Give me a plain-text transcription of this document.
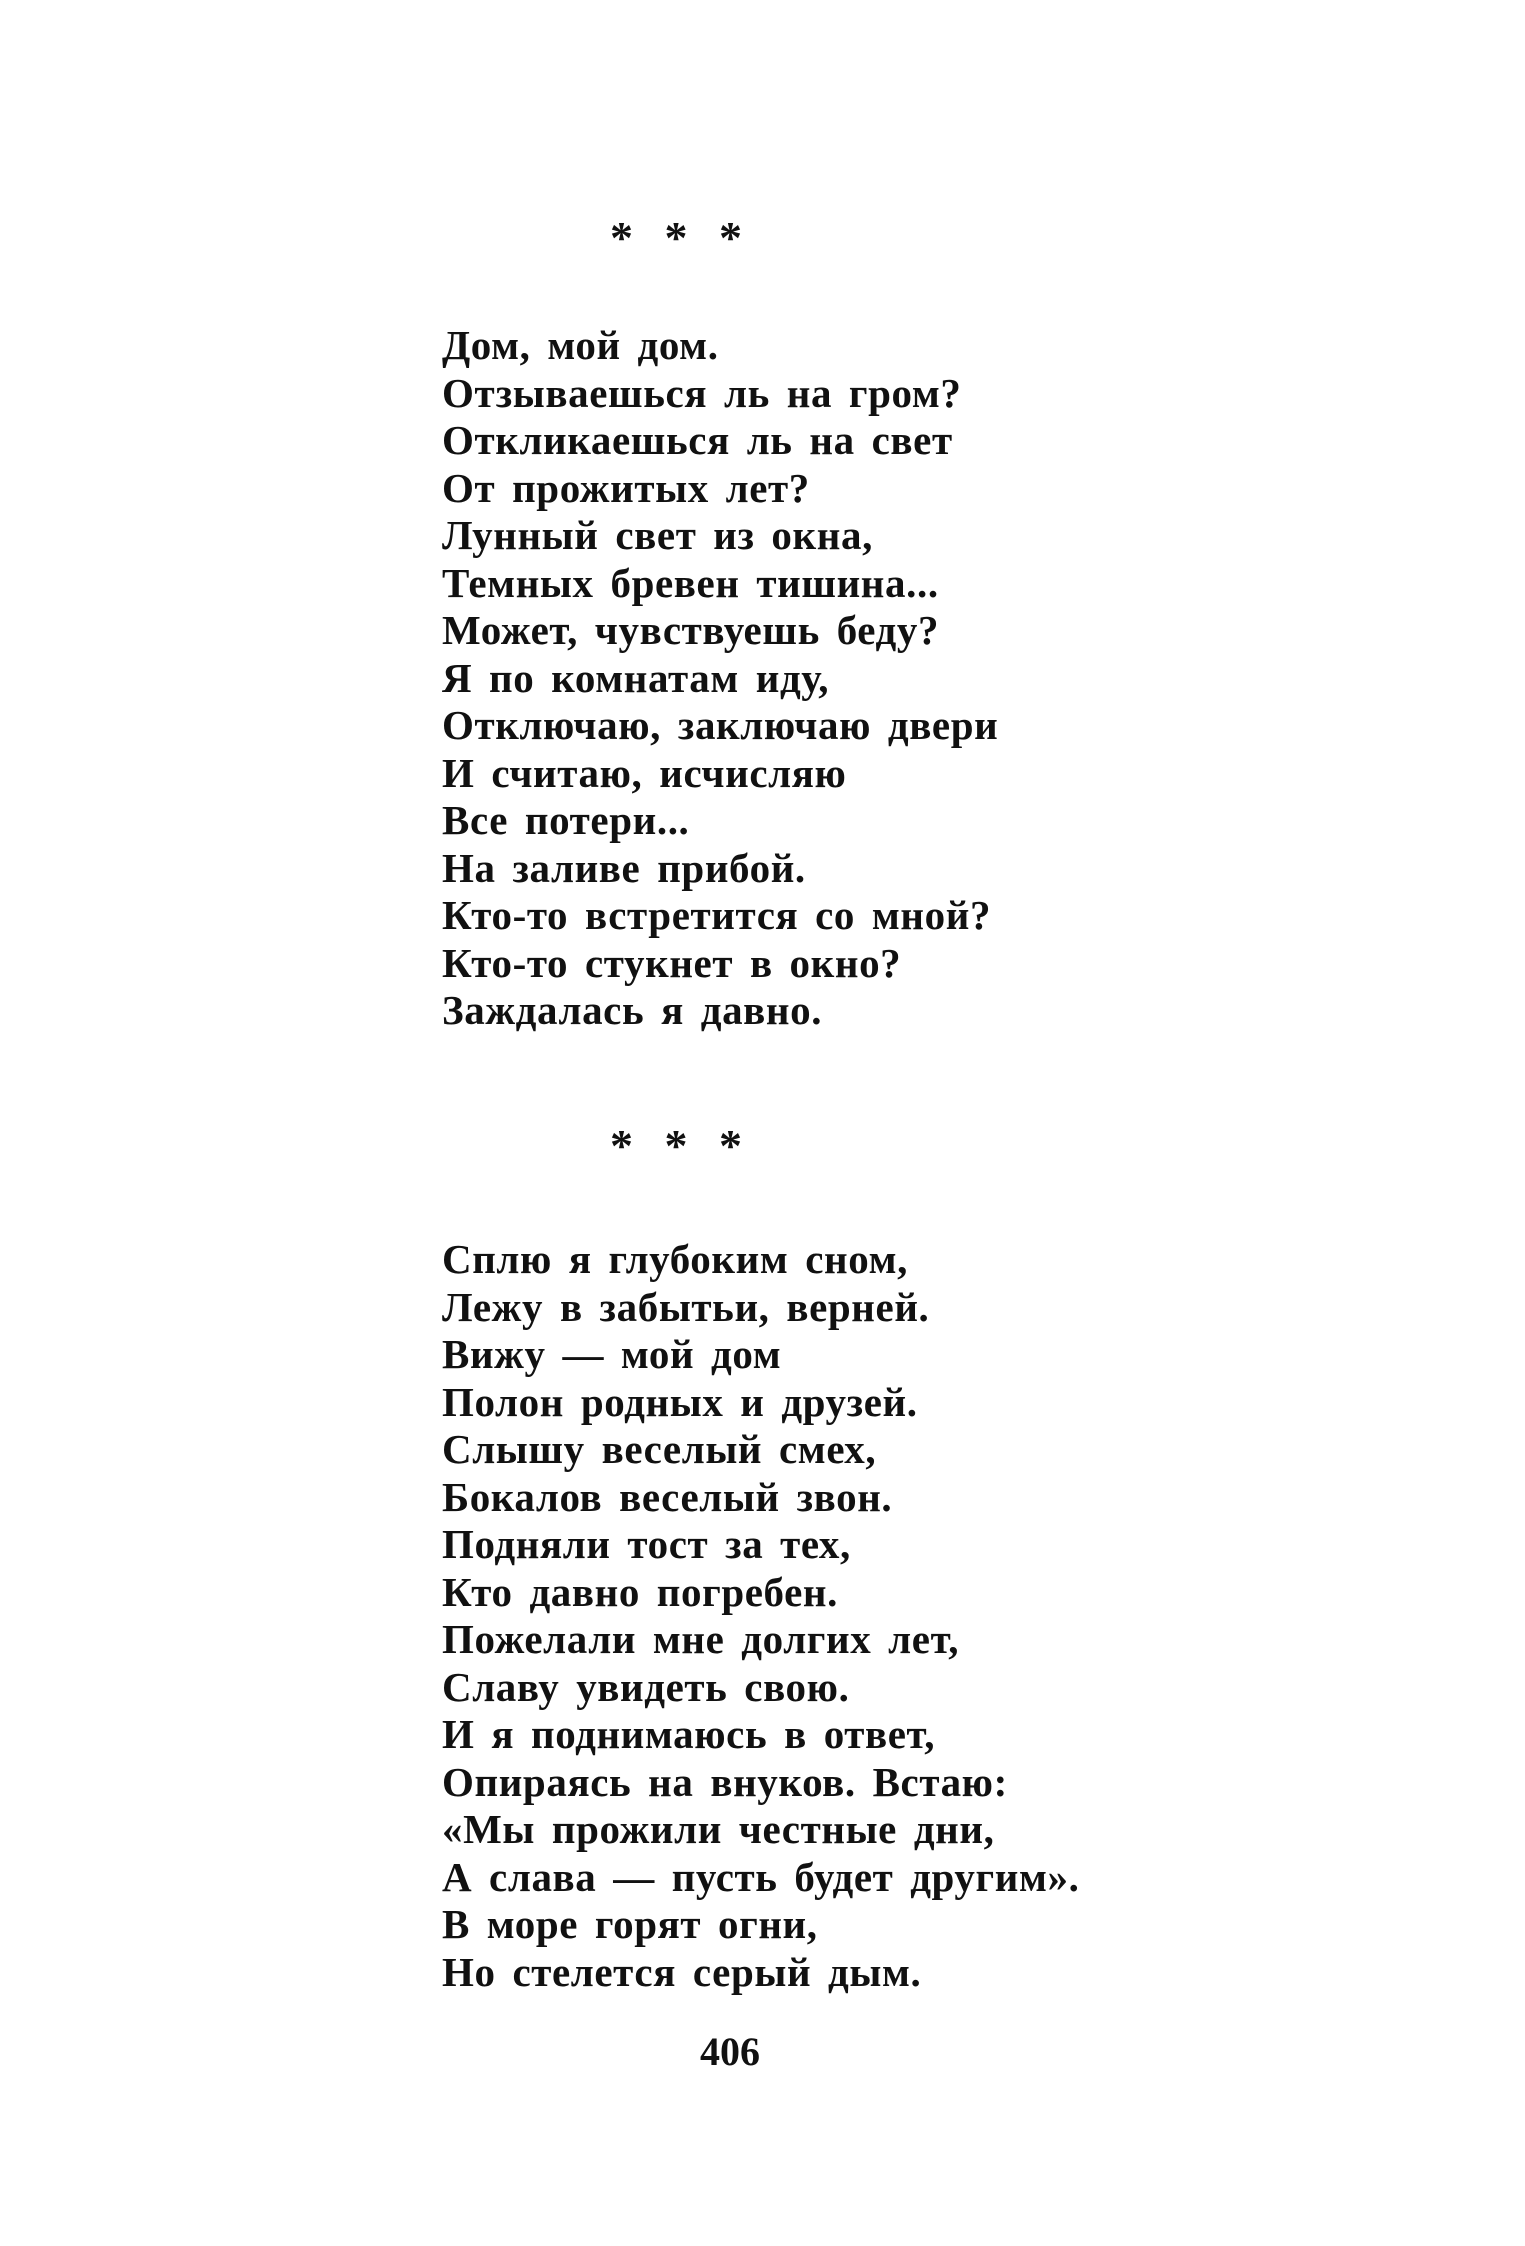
* * *
Дом, мой дом.
Отзываешься ль на гром?
Откликаешься ль на свет
От прожитых лет?
Лунный свет из окна,
Темных бревен тишина...
Может, чувствуешь беду?
Я по комнатам иду,
Отключаю, заключаю двери
И считаю, исчисляю
Все потери...
На заливе прибой.
Кто-то встретится со мной?
Кто-то стукнет в окно?
Заждалась я давно.
* * *
Сплю я глубоким сном,
Лежу в забытьи, верней.
Вижу — мой дом
Полон родных и друзей.
Слышу веселый смех,
Бокалов веселый звон.
Подняли тост за тех,
Кто давно погребен.
Пожелали мне долгих лет,
Славу увидеть свою.
И я поднимаюсь в ответ,
Опираясь на внуков. Встаю:
«Мы прожили честные дни,
А слава — пусть будет другим».
В море горят огни,
Но стелется серый дым.
406
